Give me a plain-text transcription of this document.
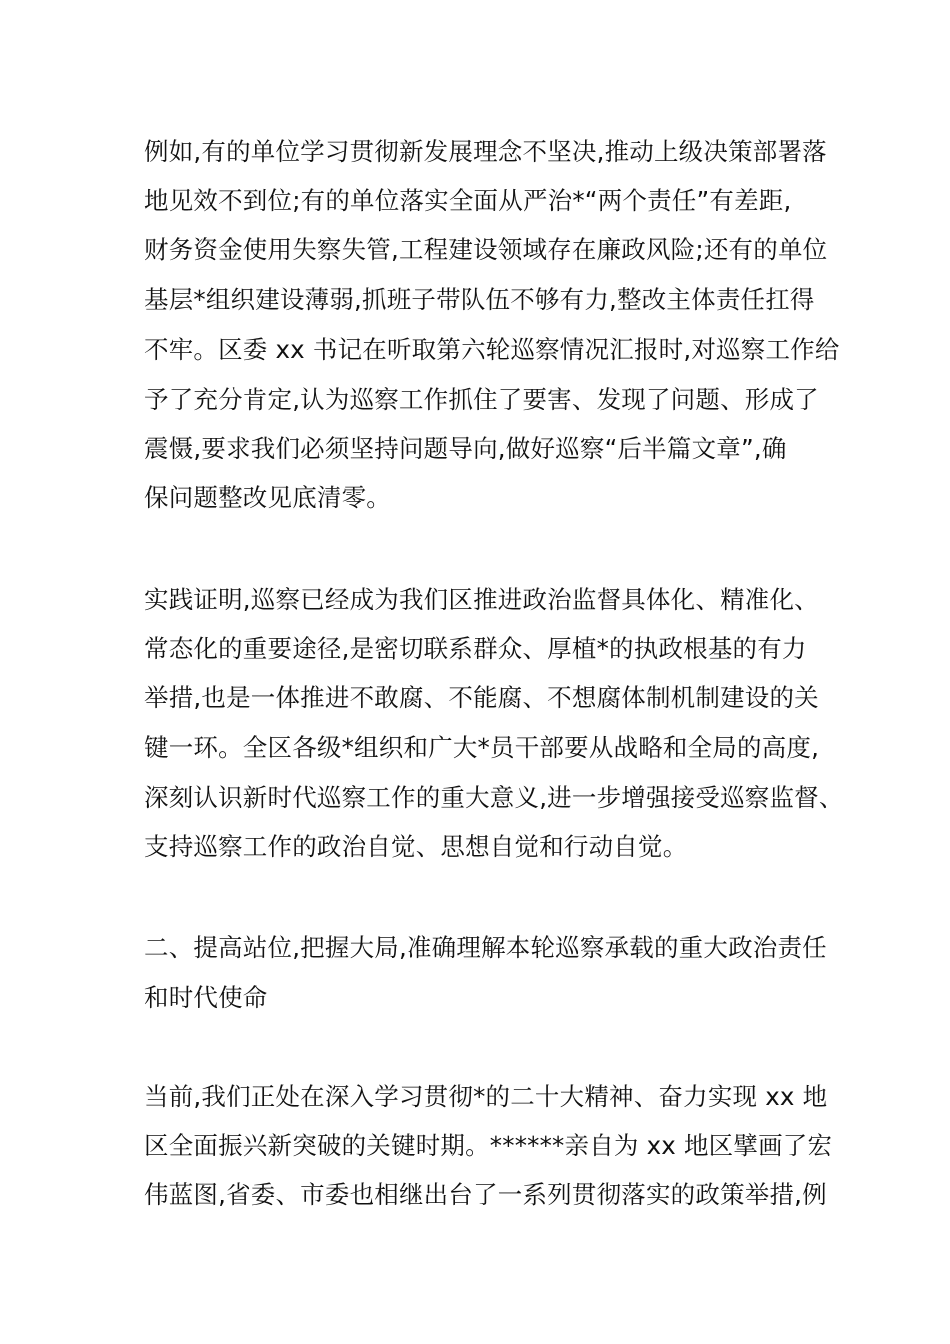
例如,有的单位学习贯彻新发展理念不坚决,推动上级决策部署落
地见效不到位;有的单位落实全面从严治*“两个责任”有差距,
财务资金使用失察失管,工程建设领域存在廉政风险;还有的单位
基层*组织建设薄弱,抓班子带队伍不够有力,整改主体责任扛得
不牢。区委 xx 书记在听取第六轮巡察情况汇报时,对巡察工作给
予了充分肯定,认为巡察工作抓住了要害、发现了问题、形成了
震慑,要求我们必须坚持问题导向,做好巡察“后半篇文章”,确
保问题整改见底清零。
实践证明,巡察已经成为我们区推进政治监督具体化、精准化、
常态化的重要途径,是密切联系群众、厚植*的执政根基的有力
举措,也是一体推进不敢腐、不能腐、不想腐体制机制建设的关
键一环。全区各级*组织和广大*员干部要从战略和全局的高度,
深刻认识新时代巡察工作的重大意义,进一步增强接受巡察监督、
支持巡察工作的政治自觉、思想自觉和行动自觉。
二、提高站位,把握大局,准确理解本轮巡察承载的重大政治责任
和时代使命
当前,我们正处在深入学习贯彻*的二十大精神、奋力实现 xx 地
区全面振兴新突破的关键时期。******亲自为 xx 地区擘画了宏
伟蓝图,省委、市委也相继出台了一系列贯彻落实的政策举措,例
